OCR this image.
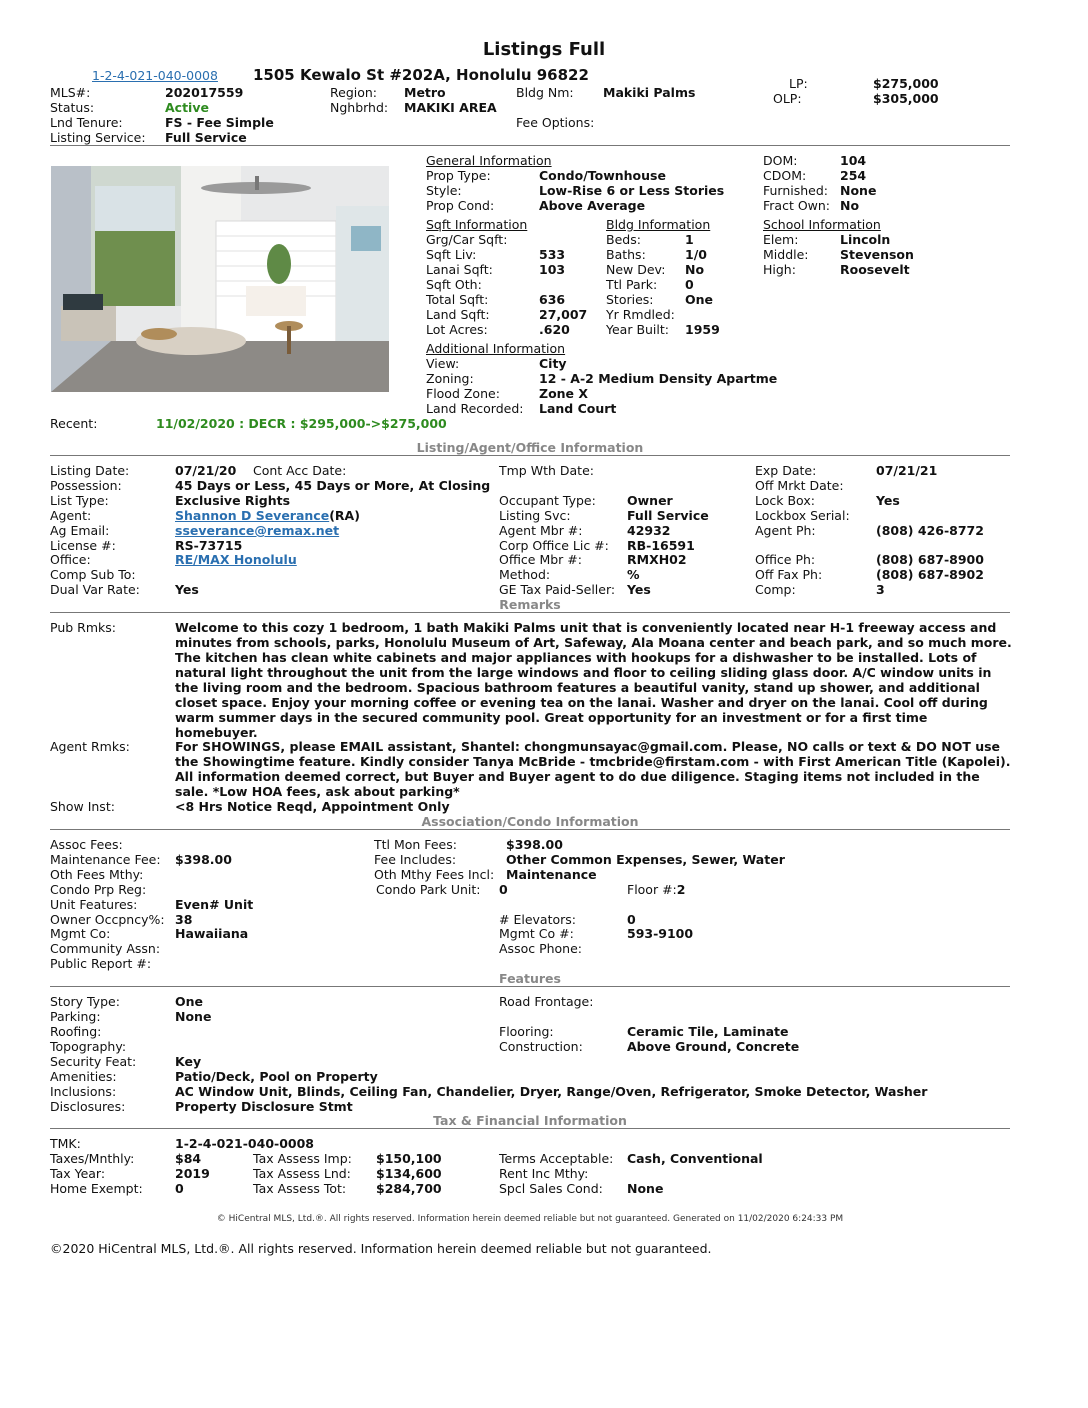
Listings Full
1-2-4-021-040-0008 1505 Kewalo St #202A, Honolulu 96822
MLS#:	202017559
Status:	Active
Lnd Tenure:	FS - Fee Simple
Listing Service: Full Service
Region: Metro
Nghbrhd: MAKIKI AREA
Bldg Nm: Makiki Palms
Fee Options:
LP:	$275,000
OLP:	$305,000
General Information
Prop Type:	Condo/Townhouse
Style:	Low-Rise 6 or Less Stories
Prop Cond:	Above Average
DOM:	104
CDOM:	254
Furnished: None
Fract Own: No
Sqft Information
Grg/Car Sqft:
Sqft Liv:	533
Lanai Sqft:	103
Sqft Oth:
Total Sqft:	636
Land Sqft:	27,007
Lot Acres:	.620
Bldg Information
Beds:	1
Baths:	1/0
New Dev: No
Ttl Park: 0
Stories:	One
Yr Rmdled:
Year Built: 1959
School Information
Elem:	Lincoln
Middle:	Stevenson
High:	Roosevelt
Additional Information
View:	City
Zoning:	12 - A-2 Medium Density Apartme
Flood Zone:	Zone X
Land Recorded: Land Court
Recent:	11/02/2020 : DECR : $295,000->$275,000
Listing/Agent/Office Information
Listing Date:	07/21/20 Cont Acc Date:
Possession:	45 Days or Less, 45 Days or More, At Closing
List Type:	Exclusive Rights
Agent:	Shannon D Severance(RA)
Ag Email:	sseverance@remax.net
License #:	RS-73715
Office:	RE/MAX Honolulu
Comp Sub To:
Dual Var Rate:	Yes
Tmp Wth Date:
Occupant Type: Owner
Listing Svc:	Full Service
Agent Mbr #:	42932
Corp Office Lic #: RB-16591
Office Mbr #:	RMXH02
Method:	%
GE Tax Paid-Seller: Yes
Exp Date:	07/21/21
Off Mrkt Date:
Lock Box:	Yes
Lockbox Serial:
Agent Ph:	(808) 426-8772
Office Ph:	(808) 687-8900
Off Fax Ph:	(808) 687-8902
Comp:	3
Remarks
Pub Rmks:	Welcome to this cozy 1 bedroom, 1 bath Makiki Palms unit that is conveniently located near H-1 freeway access and minutes from schools, parks, Honolulu Museum of Art, Safeway, Ala Moana center and beach park, and so much more. The kitchen has clean white cabinets and major appliances with hookups for a dishwasher to be installed. Lots of natural light throughout the unit from the large windows and floor to ceiling sliding glass door. A/C window units in the living room and the bedroom. Spacious bathroom features a beautiful vanity, stand up shower, and additional closet space. Enjoy your morning coffee or evening tea on the lanai. Washer and dryer on the lanai. Cool off during warm summer days in the secured community pool. Great opportunity for an investment or for a first time homebuyer.
Agent Rmks:	For SHOWINGS, please EMAIL assistant, Shantel: chongmunsayac@gmail.com. Please, NO calls or text & DO NOT use the Showingtime feature. Kindly consider Tanya McBride - tmcbride@firstam.com - with First American Title (Kapolei). All information deemed correct, but Buyer and Buyer agent to do due diligence. Staging items not included in the sale. *Low HOA fees, ask about parking*
Show Inst:	<8 Hrs Notice Reqd, Appointment Only
Association/Condo Information
Assoc Fees:
Maintenance Fee: $398.00
Oth Fees Mthy:
Condo Prp Reg:
Unit Features:	Even# Unit
Owner Occpncy%: 38
Mgmt Co:	Hawaiiana
Community Assn:
Public Report #:
Ttl Mon Fees:	$398.00
Fee Includes:	Other Common Expenses, Sewer, Water
Oth Mthy Fees Incl: Maintenance
Condo Park Unit: 0	Floor #:2
# Elevators:	0
Mgmt Co #:	593-9100
Assoc Phone:
Features
Story Type:	One
Parking:	None
Roofing:
Topography:
Security Feat:	Key
Amenities:	Patio/Deck, Pool on Property
Inclusions:	AC Window Unit, Blinds, Ceiling Fan, Chandelier, Dryer, Range/Oven, Refrigerator, Smoke Detector, Washer
Disclosures:	Property Disclosure Stmt
Road Frontage:
Flooring:	Ceramic Tile, Laminate
Construction:	Above Ground, Concrete
Tax & Financial Information
TMK:	1-2-4-021-040-0008
Taxes/Mnthly:	$84
Tax Year:	2019
Home Exempt:	0
Tax Assess Imp: $150,100
Tax Assess Lnd: $134,600
Tax Assess Tot: $284,700
Terms Acceptable: Cash, Conventional
Rent Inc Mthy:
Spcl Sales Cond: None
© HiCentral MLS, Ltd.®. All rights reserved. Information herein deemed reliable but not guaranteed. Generated on 11/02/2020 6:24:33 PM
©2020 HiCentral MLS, Ltd.®. All rights reserved. Information herein deemed reliable but not guaranteed.
